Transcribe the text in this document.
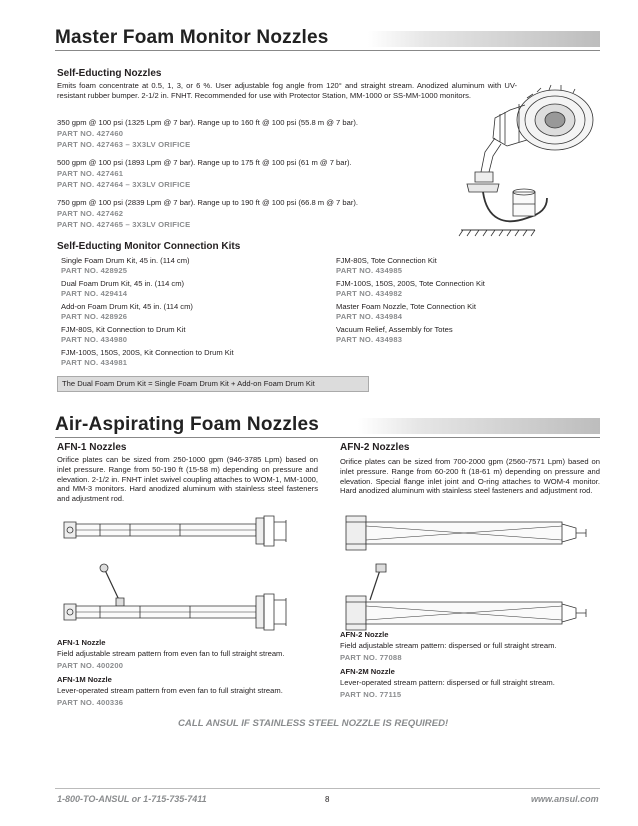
Master Foam Monitor Nozzles
Self-Educting Nozzles
Emits foam concentrate at 0.5, 1, 3, or 6 %. User adjustable fog angle from 120° and straight stream. Anodized aluminum with UV-resistant rubber bumper. 2-1/2 in. FNHT. Recommended for use with Protector Station, MM-1000 or SS-MM-1000 monitors.
350 gpm @ 100 psi (1325 Lpm @ 7 bar). Range up to 160 ft @ 100 psi (55.8 m @ 7 bar).
PART NO. 427460
PART NO. 427463 – 3X3LV ORIFICE
500 gpm @ 100 psi (1893 Lpm @ 7 bar). Range up to 175 ft @ 100 psi (61 m @ 7 bar).
PART NO. 427461
PART NO. 427464 – 3X3LV ORIFICE
750 gpm @ 100 psi (2839 Lpm @ 7 bar). Range up to 190 ft @ 100 psi (66.8 m @ 7 bar).
PART NO. 427462
PART NO. 427465 – 3X3LV ORIFICE
Self-Educting Monitor Connection Kits
Single Foam Drum Kit, 45 in. (114 cm)
PART NO. 428925
Dual Foam Drum Kit, 45 in. (114 cm)
PART NO. 429414
Add-on Foam Drum Kit, 45 in. (114 cm)
PART NO. 428926
FJM-80S, Kit Connection to Drum Kit
PART NO. 434980
FJM-100S, 150S, 200S, Kit Connection to Drum Kit
PART NO. 434981
FJM-80S, Tote Connection Kit
PART NO. 434985
FJM-100S, 150S, 200S, Tote Connection Kit
PART NO. 434982
Master Foam Nozzle, Tote Connection Kit
PART NO. 434984
Vacuum Relief, Assembly for Totes
PART NO. 434983
The Dual Foam Drum Kit = Single Foam Drum Kit + Add-on Foam Drum Kit
Air-Aspirating Foam Nozzles
AFN-1 Nozzles
Orifice plates can be sized from 250-1000 gpm (946-3785 Lpm) based on inlet pressure. Range from 50-190 ft (15-58 m) depending on pressure and elevation. 2-1/2 in. FNHT inlet swivel coupling attaches to WOM-1, MM-1000, and MM-3 monitors. Hard anodized aluminum with stainless steel fasteners and adjustment rod.
AFN-2 Nozzles
Orifice plates can be sized from 700-2000 gpm (2560-7571 Lpm) based on inlet pressure. Range from 60-200 ft (18-61 m) depending on pressure and elevation. Special flange inlet joint and O-ring attaches to WOM-4 monitor. Hard anodized aluminum with stainless steel fasteners and adjustment rod.
AFN-1 Nozzle
Field adjustable stream pattern from even fan to full straight stream.
PART NO. 400200
AFN-1M Nozzle
Lever-operated stream pattern from even fan to full straight stream.
PART NO. 400336
AFN-2 Nozzle
Field adjustable stream pattern: dispersed or full straight stream.
PART NO. 77088
AFN-2M Nozzle
Lever-operated stream pattern: dispersed or full straight stream.
PART NO. 77115
CALL ANSUL IF STAINLESS STEEL NOZZLE IS REQUIRED!
1-800-TO-ANSUL or 1-715-735-7411	8	www.ansul.com
